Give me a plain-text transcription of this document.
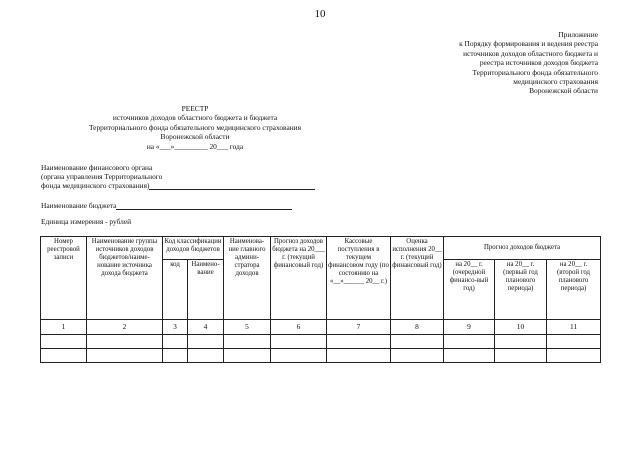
10
Приложение
к Порядку формирования и ведения реестра
источников доходов областного бюджета и
реестра источников доходов бюджета
Территориального фонда обязательного
медицинского страхования
Воронежской области
РЕЕСТР
источников доходов областного бюджета и бюджета
Территориального фонда обязательного медицинского страхования
Воронежской области
на «___»_________ 20___ года
Наименование финансового органа
(органа управления Территориального
фонда медицинского страхования)
Наименование бюджета
Единица измерения - рублей
Номер реестровой записи	Наименование группы источников доходов бюджетов/наиме-нование источника дохода бюджета	Код классификации доходов бюджетов		Наименова-ние главного админи-стратора доходов	Прогноз доходов бюджета на 20___ г. (текущий финансовый год)	Кассовые поступления в текущем финансовом году (по состоянию на «__»______ 20__ г.)	Оценка исполнения 20__ г. (текущий финансовый год)	Прогноз доходов бюджета		
		код	Наимено-вание					на 20__ г. (очередной финансо-вый год)	на 20__ г. (первый год планового периода)	на 20__ г. (второй год планового периода)
1	2	3	4	5	6	7	8	9	10	11
